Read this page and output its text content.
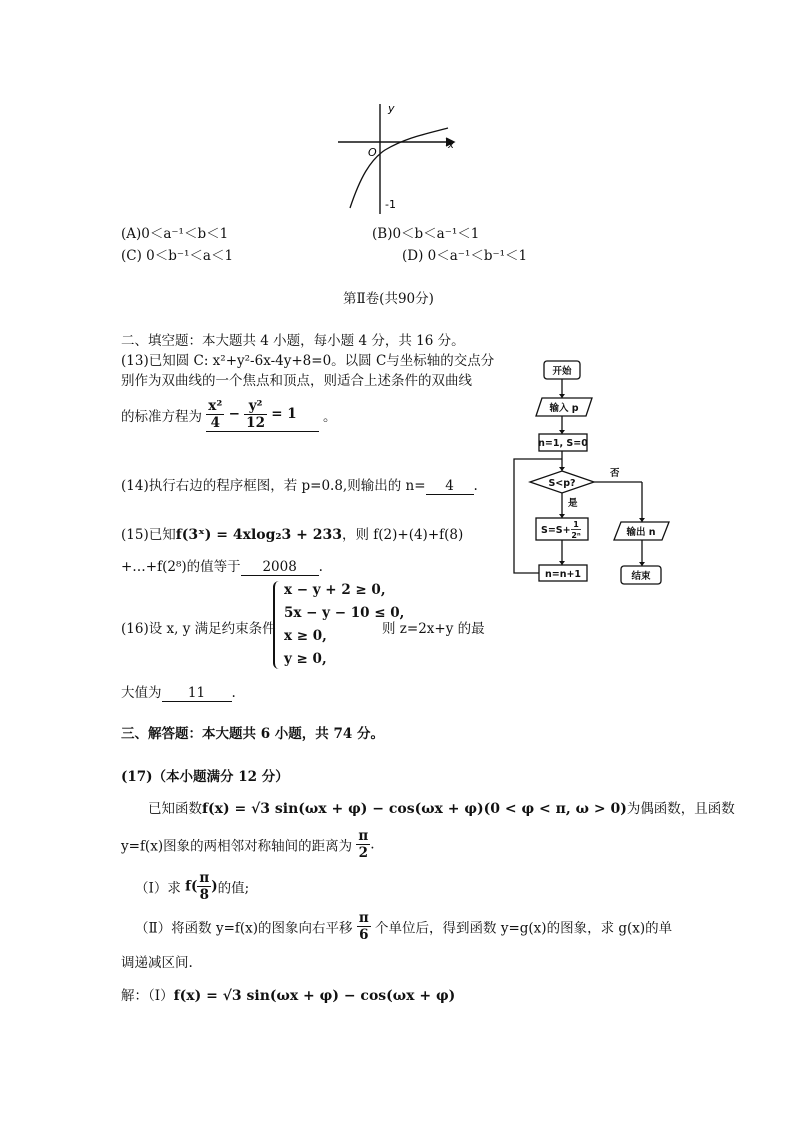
y
x
O
-1
(A)0＜a⁻¹＜b＜1	(B)0＜b＜a⁻¹＜1
(C) 0＜b⁻¹＜a＜1	(D) 0＜a⁻¹＜b⁻¹＜1
第Ⅱ卷(共90分)
二、填空题：本大题共 4 小题，每小题 4 分，共 16 分。
(13)已知圆 C: x²+y²-6x-4y+8=0。以圆 C与坐标轴的交点分
别作为双曲线的一个焦点和顶点，则适合上述条件的双曲线
的标准方程为 $\frac{\text{x²}}{4} - \frac{\text{y²}}{12} = 1$ 。
(14)执行右边的程序框图，若 p=0.8,则输出的 n= 4 .
(15)已知f(3ˣ) = 4xlog₂3 + 233，则 f(2)+(4)+f(8)
+…+f(2⁸)的值等于 2008 .
(16)设 x, y 满足约束条件
x − y + 2 ≥ 0,
5x − y − 10 ≤ 0,
x ≥ 0,
y ≥ 0,
则 z=2x+y 的最
大值为 11 .
开始
输入 p
n=1, S=0
S<p?
是
否
S=S+
1
2ⁿ
n=n+1
输出 n
结束
三、解答题：本大题共 6 小题，共 74 分。
(17)（本小题满分 12 分）
已知函数f(x) = √3 sin(ωx + φ) − cos(ωx + φ)(0 < φ < π, ω > 0)为偶函数，且函数
y=f(x)图象的两相邻对称轴间的距离为 $\frac{\pi}{2}$ .
（Ⅰ）求 $f( \frac{\pi}{8}$ )的值;
（Ⅱ）将函数 y=f(x)的图象向右平移 $\frac{\pi}{6}$ 个单位后，得到函数 y=g(x)的图象，求 g(x)的单
调递减区间.
解：（Ⅰ）f(x) = √3 sin(ωx + φ) − cos(ωx + φ)
